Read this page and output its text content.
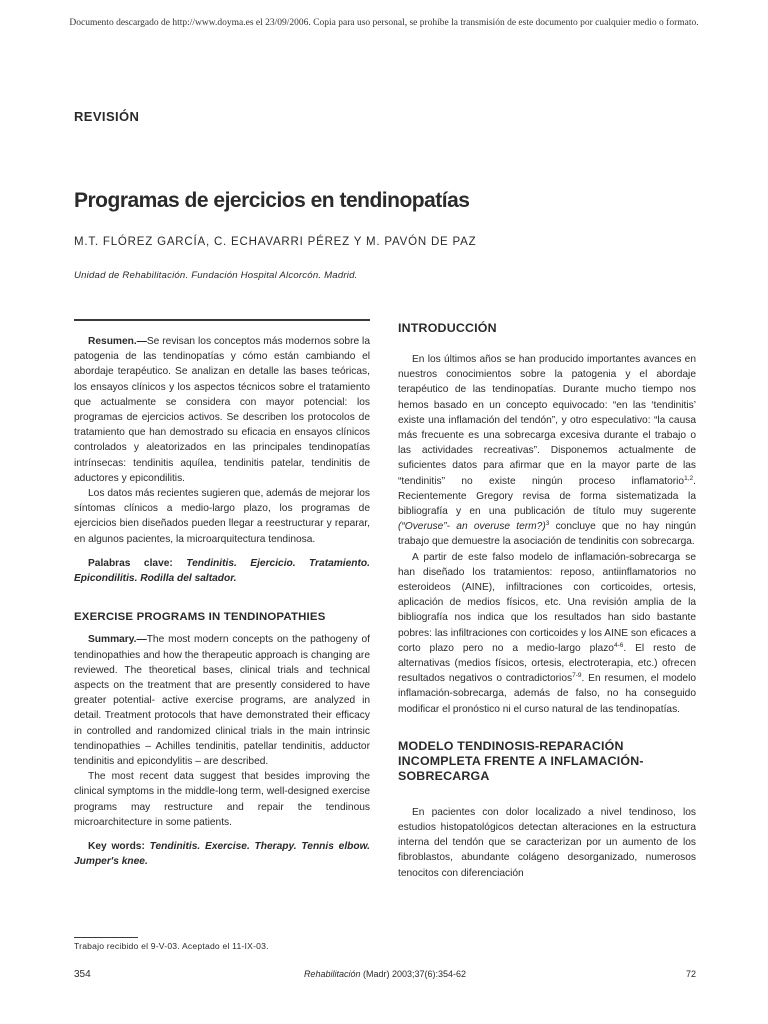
Documento descargado de http://www.doyma.es el 23/09/2006. Copia para uso personal, se prohíbe la transmisión de este documento por cualquier medio o formato.
REVISIÓN
Programas de ejercicios en tendinopatías
M.T. FLÓREZ GARCÍA, C. ECHAVARRI PÉREZ Y M. PAVÓN DE PAZ
Unidad de Rehabilitación. Fundación Hospital Alcorcón. Madrid.

Resumen.—Se revisan los conceptos más modernos sobre la patogenia de las tendinopatías y cómo están cambiando el abordaje terapéutico. Se analizan en detalle las bases teóricas, los ensayos clínicos y los aspectos técnicos sobre el tratamiento que actualmente se considera con mayor potencial: los programas de ejercicios activos. Se describen los protocolos de tratamiento que han demostrado su eficacia en ensayos clínicos controlados y aleatorizados en las principales tendinopatías intrínsecas: tendinitis aquílea, tendinitis patelar, tendinitis de aductores y epicondilitis.

Los datos más recientes sugieren que, además de mejorar los síntomas clínicos a medio-largo plazo, los programas de ejercicios bien diseñados pueden llegar a reestructurar y reparar, en algunos pacientes, la microarquitectura tendinosa.

Palabras clave: Tendinitis. Ejercicio. Tratamiento. Epicondilitis. Rodilla del saltador.

EXERCISE PROGRAMS IN TENDINOPATHIES

Summary.—The most modern concepts on the pathogeny of tendinopathies and how the therapeutic approach is changing are reviewed. The theoretical bases, clinical trials and technical aspects on the treatment that are presently considered to have greater potential- active exercise programs, are analyzed in detail. Treatment protocols that have demonstrated their efficacy in controlled and randomized clinical trials in the main intrinsic tendinopathies – Achilles tendinitis, patellar tendinitis, adductor tendinitis and epicondylitis – are described.

The most recent data suggest that besides improving the clinical symptoms in the middle-long term, well-designed exercise programs may restructure and repair the tendinous microarchitecture in some patients.

Key words: Tendinitis. Exercise. Therapy. Tennis elbow. Jumper's knee.

INTRODUCCIÓN

En los últimos años se han producido importantes avances en nuestros conocimientos sobre la patogenia y el abordaje terapéutico de las tendinopatías. Durante mucho tiempo nos hemos basado en un concepto equivocado: “en las ‘tendinitis’ existe una inflamación del tendón”, y otro especulativo: “la causa más frecuente es una sobrecarga excesiva durante el trabajo o las actividades recreativas”. Disponemos actualmente de suficientes datos para afirmar que en la mayor parte de las “tendinitis” no existe ningún proceso inflamatorio$^{1,2}$. Recientemente Gregory revisa de forma sistematizada la bibliografía y en una publicación de título muy sugerente (“Overuse”- an overuse term?)$^3$ concluye que no hay ningún trabajo que demuestre la asociación de tendinitis con sobrecarga.

A partir de este falso modelo de inflamación-sobrecarga se han diseñado los tratamientos: reposo, antiinflamatorios no esteroideos (AINE), infiltraciones con corticoides, ortesis, aplicación de medios físicos, etc. Una revisión amplia de la bibliografía nos indica que los resultados han sido bastante pobres: las infiltraciones con corticoides y los AINE son eficaces a corto plazo pero no a medio-largo plazo$^{4-6}$. El resto de alternativas (medios físicos, ortesis, electroterapia, etc.) ofrecen resultados negativos o contradictorios$^{7-9}$. En resumen, el modelo inflamación-sobrecarga, además de falso, no ha conseguido modificar el pronóstico ni el curso natural de las tendinopatías.

MODELO TENDINOSIS-REPARACIÓN INCOMPLETA FRENTE A INFLAMACIÓN-SOBRECARGA

En pacientes con dolor localizado a nivel tendinoso, los estudios histopatológicos detectan alteraciones en la estructura interna del tendón que se caracterizan por un aumento de los fibroblastos, abundante colágeno desorganizado, numerosos tenocitos con diferenciación

Trabajo recibido el 9-V-03. Aceptado el 11-IX-03.
354	Rehabilitación (Madr) 2003;37(6):354-62	72
